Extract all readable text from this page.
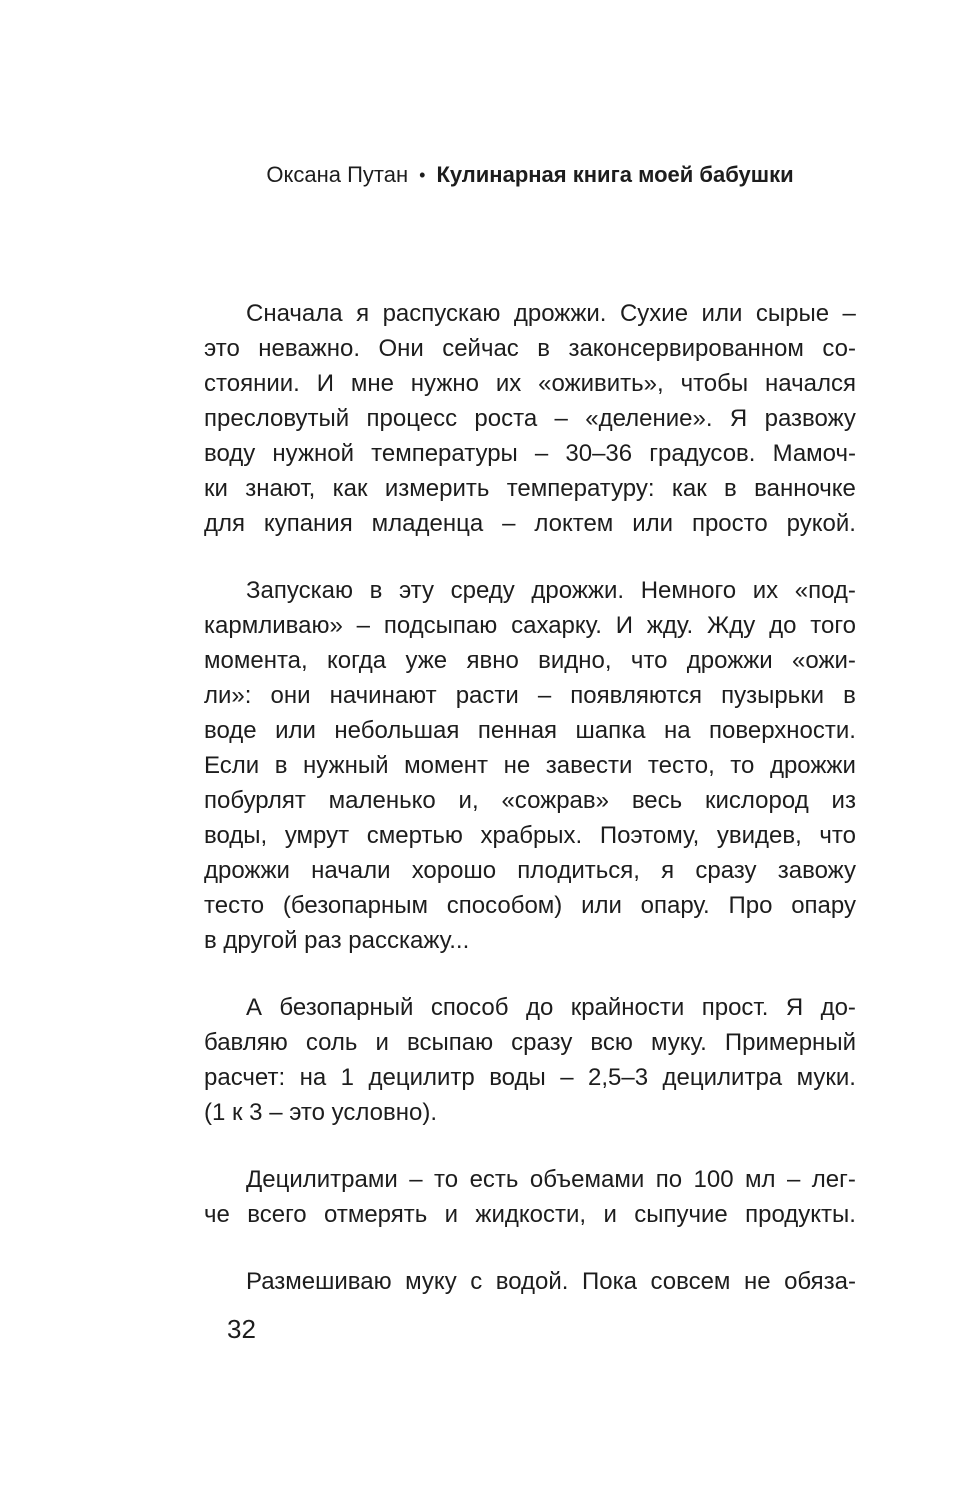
Оксана Путан • Кулинарная книга моей бабушки
Сначала я распускаю дрожжи. Сухие или сырые –
это неважно. Они сейчас в законсервированном со-
стоянии. И мне нужно их «оживить», чтобы начался
пресловутый процесс роста – «деление». Я развожу
воду нужной температуры – 30–36 градусов. Мамоч-
ки знают, как измерить температуру: как в ванночке
для купания младенца – локтем или просто рукой.
Запускаю в эту среду дрожжи. Немного их «под-
кармливаю» – подсыпаю сахарку. И жду. Жду до того
момента, когда уже явно видно, что дрожжи «ожи-
ли»: они начинают расти – появляются пузырьки в
воде или небольшая пенная шапка на поверхности.
Если в нужный момент не завести тесто, то дрожжи
побурлят маленько и, «сожрав» весь кислород из
воды, умрут смертью храбрых. Поэтому, увидев, что
дрожжи начали хорошо плодиться, я сразу завожу
тесто (безопарным способом) или опару. Про опару
в другой раз расскажу...
А безопарный способ до крайности прост. Я до-
бавляю соль и всыпаю сразу всю муку. Примерный
расчет: на 1 децилитр воды – 2,5–3 децилитра муки.
(1 к 3 – это условно).
Децилитрами – то есть объемами по 100 мл – лег-
че всего отмерять и жидкости, и сыпучие продукты.
Размешиваю муку с водой. Пока совсем не обяза-
32
